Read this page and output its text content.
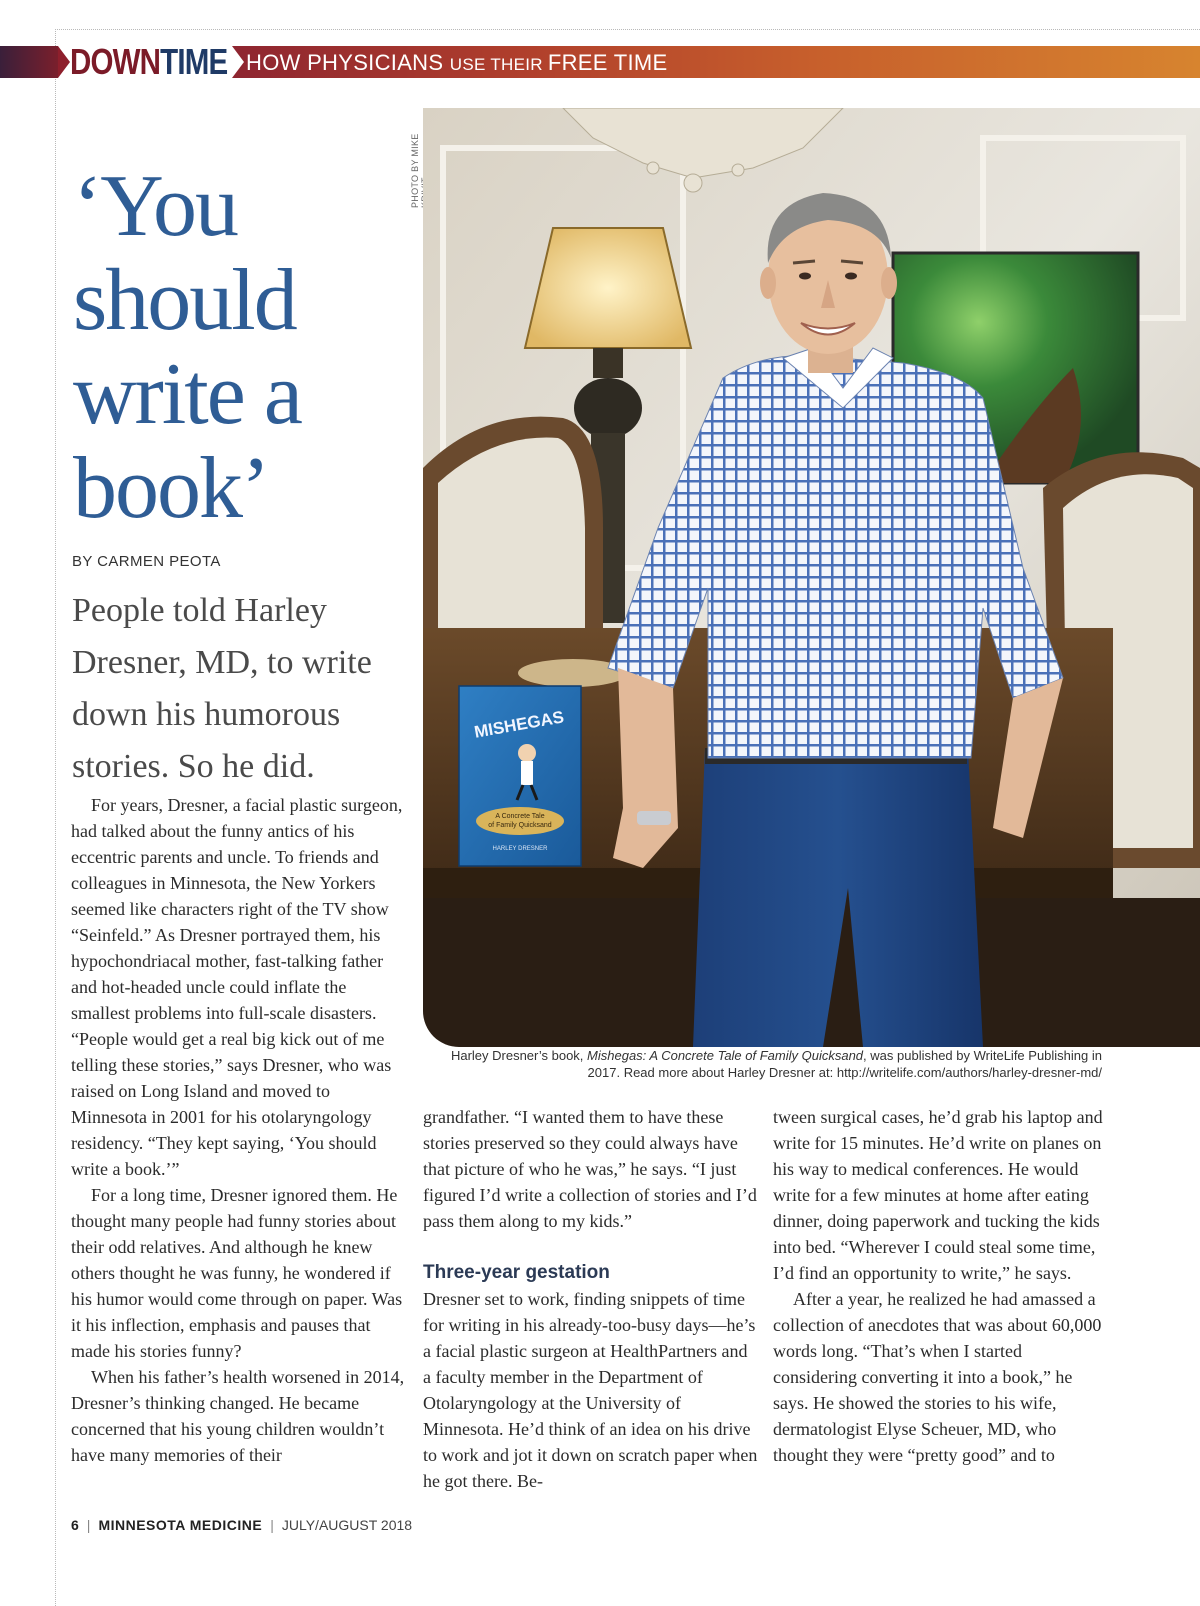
DOWNTIME HOW PHYSICIANS USE THEIR FREE TIME
‘You
should
write a
book’
BY CARMEN PEOTA
People told Harley Dresner, MD, to write down his humorous stories. So he did.

For years, Dresner, a facial plastic surgeon, had talked about the funny antics of his eccentric parents and uncle. To friends and colleagues in Minnesota, the New Yorkers seemed like characters right of the TV show “Seinfeld.” As Dresner portrayed them, his hypochondriacal mother, fast-talking father and hot-headed uncle could inflate the smallest problems into full-scale disasters. “People would get a real big kick out of me telling these stories,” says Dresner, who was raised on Long Island and moved to Minnesota in 2001 for his otolaryngology residency. “They kept saying, ‘You should write a book.’”

For a long time, Dresner ignored them. He thought many people had funny stories about their odd relatives. And although he knew others thought he was funny, he wondered if his humor would come through on paper. Was it his inflection, emphasis and pauses that made his stories funny?

When his father’s health worsened in 2014, Dresner’s thinking changed. He became concerned that his young children wouldn’t have many memories of their

PHOTO BY MIKE
MISHEGAS
A Concrete Tale
of Family Quicksand
HARLEY DRESNER
Harley Dresner’s book, Mishegas: A Concrete Tale of Family Quicksand, was published by WriteLife Publishing in 2017. Read more about Harley Dresner at: http://writelife.com/authors/harley-dresner-md/

grandfather. “I wanted them to have these stories preserved so they could always have that picture of who he was,” he says. “I just figured I’d write a collection of stories and I’d pass them along to my kids.”

Three-year gestation

Dresner set to work, finding snippets of time for writing in his already-too-busy days—he’s a facial plastic surgeon at HealthPartners and a faculty member in the Department of Otolaryngology at the University of Minnesota. He’d think of an idea on his drive to work and jot it down on scratch paper when he got there. Be-

tween surgical cases, he’d grab his laptop and write for 15 minutes. He’d write on planes on his way to medical conferences. He would write for a few minutes at home after eating dinner, doing paperwork and tucking the kids into bed. “Wherever I could steal some time, I’d find an opportunity to write,” he says.

After a year, he realized he had amassed a collection of anecdotes that was about 60,000 words long. “That’s when I started considering converting it into a book,” he says. He showed the stories to his wife, dermatologist Elyse Scheuer, MD, who thought they were “pretty good” and to

6 | MINNESOTA MEDICINE | JULY/AUGUST 2018
